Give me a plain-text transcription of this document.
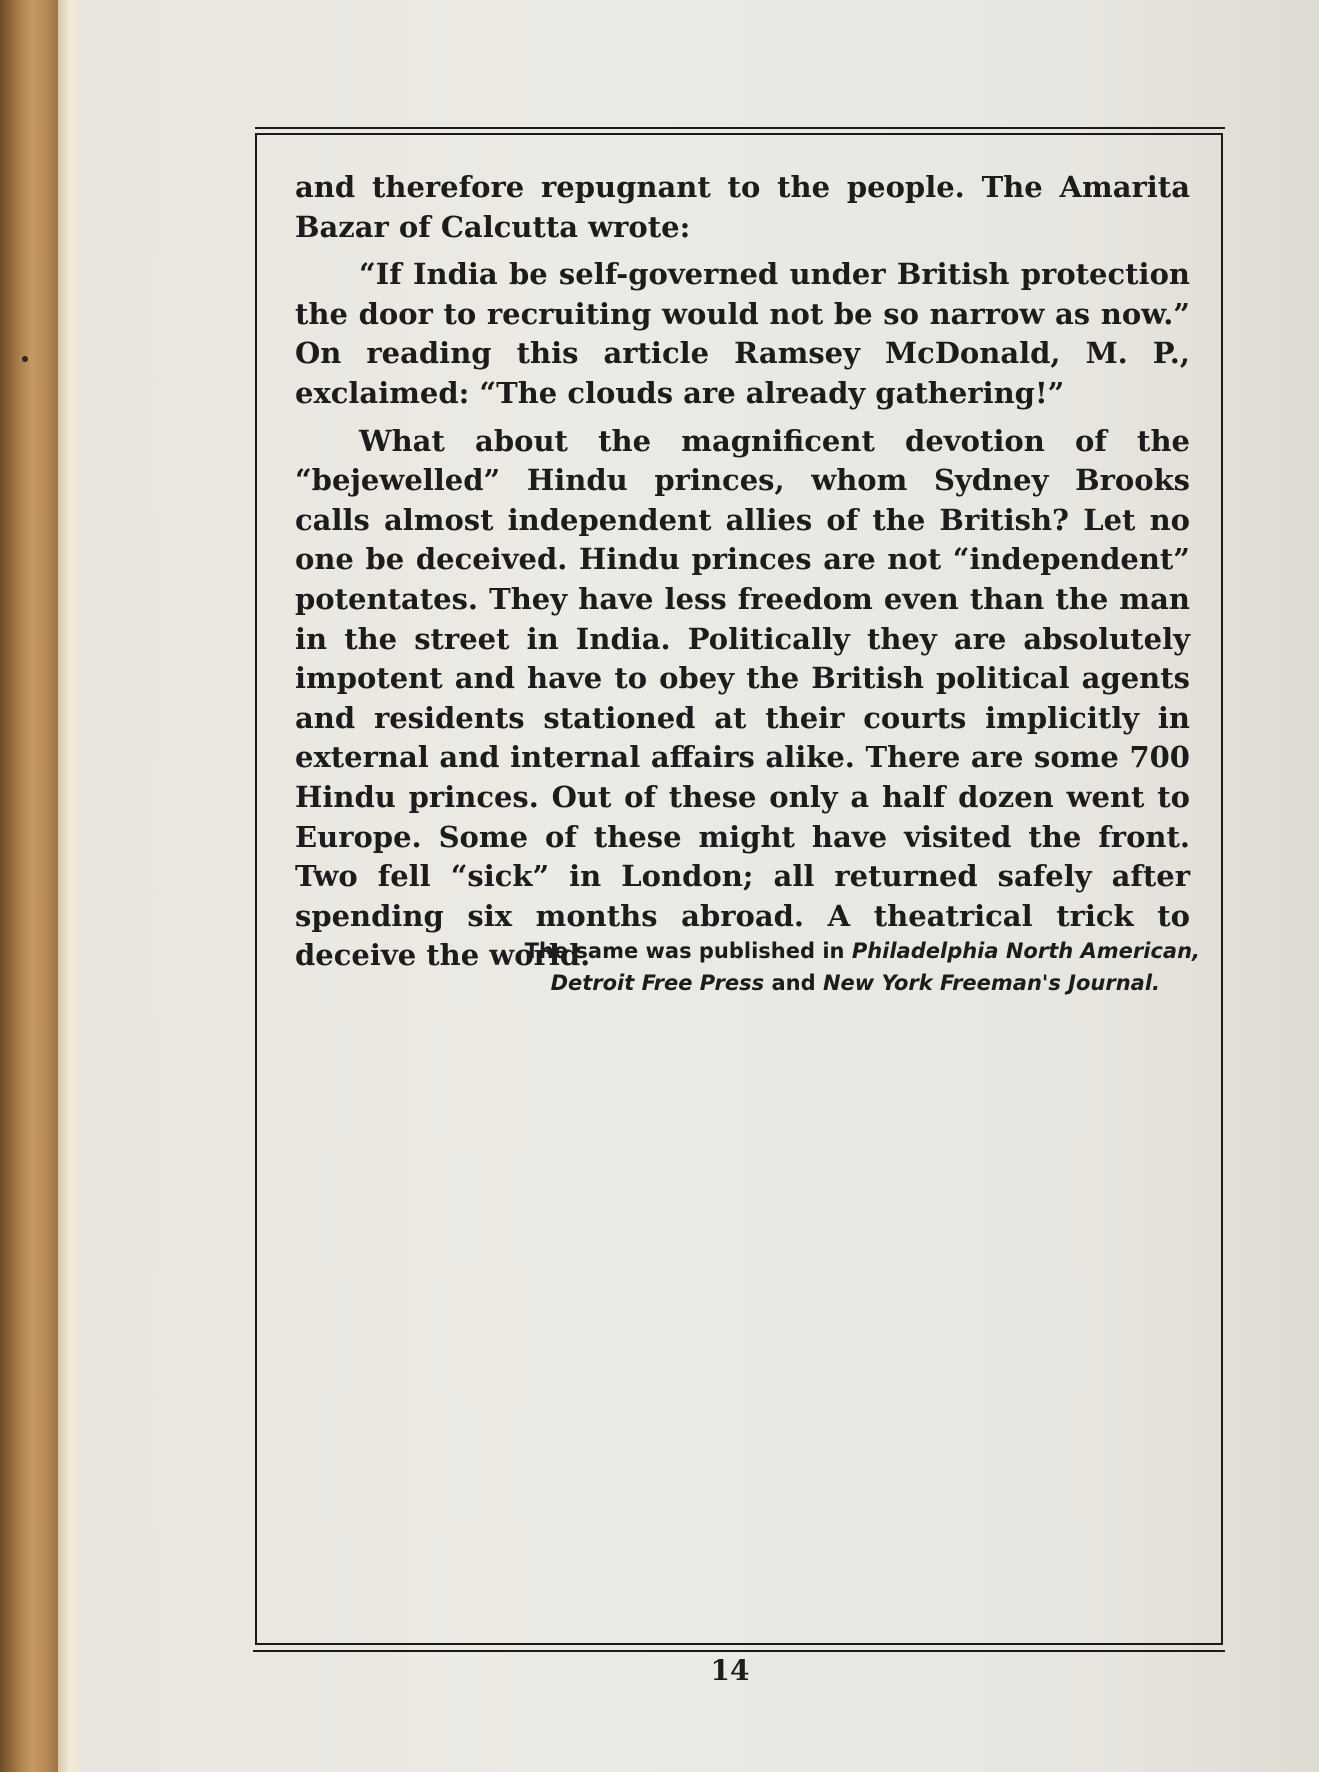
and therefore repugnant to the people. The Amarita Bazar of Calcutta wrote:

“If India be self-governed under British protection the door to recruiting would not be so narrow as now.” On reading this article Ramsey McDonald, M. P., exclaimed: “The clouds are already gathering!”

What about the magnificent devotion of the “bejewelled” Hindu princes, whom Sydney Brooks calls almost independent allies of the British? Let no one be deceived. Hindu princes are not “independent” potentates. They have less freedom even than the man in the street in India. Politically they are absolutely impotent and have to obey the British political agents and residents stationed at their courts implicitly in external and internal affairs alike. There are some 700 Hindu princes. Out of these only a half dozen went to Europe. Some of these might have visited the front. Two fell “sick” in London; all returned safely after spending six months abroad. A theatrical trick to deceive the world.

The same was published in Philadelphia North American,
Detroit Free Press and New York Freeman's Journal.
14
